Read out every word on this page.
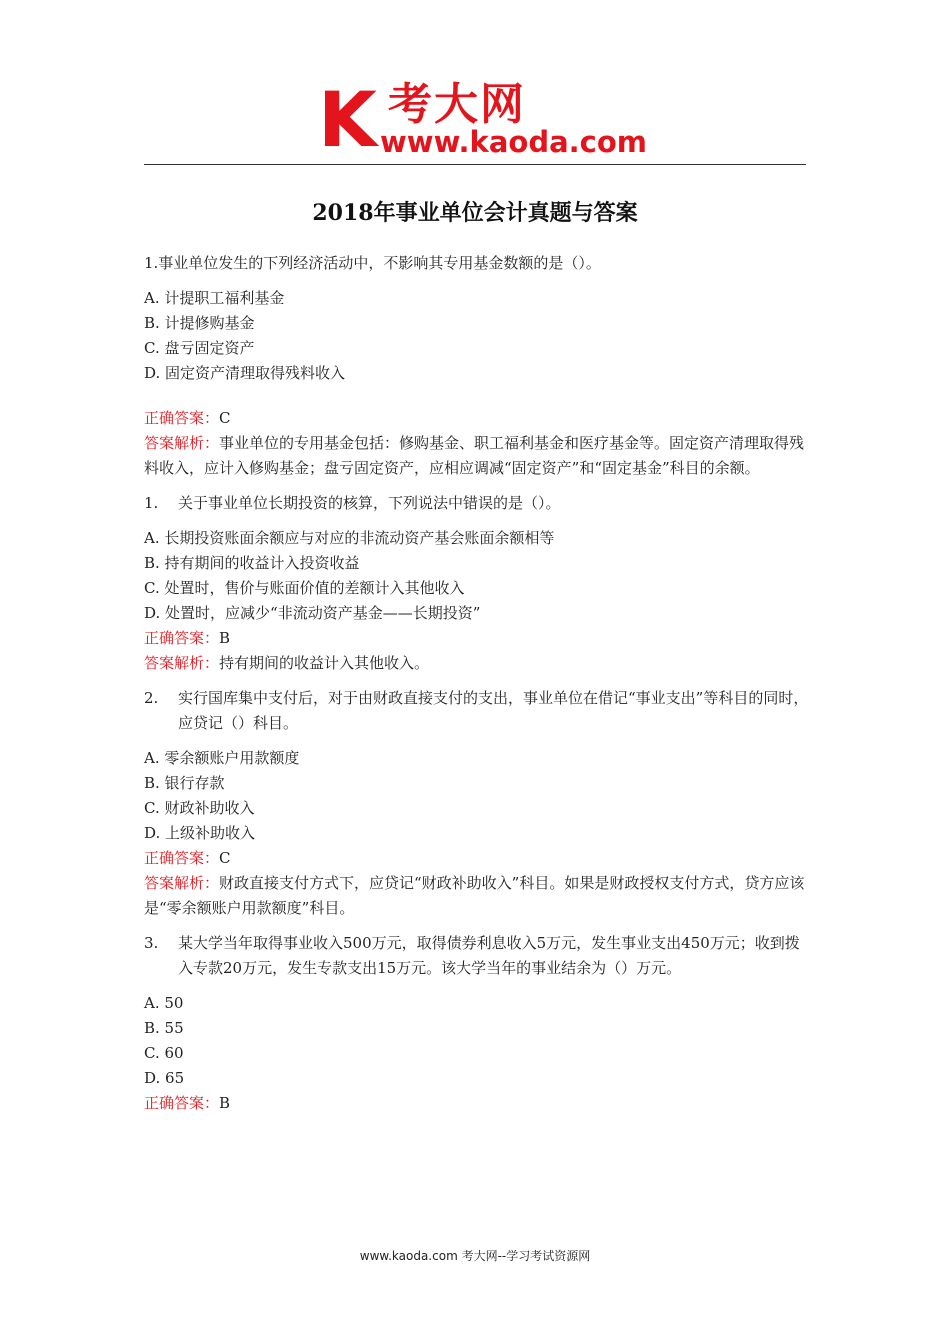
K 考大网
www.kaoda.com
2018年事业单位会计真题与答案

1.事业单位发生的下列经济活动中，不影响其专用基金数额的是（）。

A. 计提职工福利基金

B. 计提修购基金

C. 盘亏固定资产

D. 固定资产清理取得残料收入

正确答案：C

答案解析：事业单位的专用基金包括：修购基金、职工福利基金和医疗基金等。固定资产清理取得残料收入，应计入修购基金；盘亏固定资产，应相应调减“固定资产”和“固定基金”科目的余额。

1. 关于事业单位长期投资的核算，下列说法中错误的是（）。

A. 长期投资账面余额应与对应的非流动资产基会账面余额相等

B. 持有期间的收益计入投资收益

C. 处置时，售价与账面价值的差额计入其他收入

D. 处置时，应减少“非流动资产基金——长期投资”

正确答案：B

答案解析：持有期间的收益计入其他收入。

2. 实行国库集中支付后，对于由财政直接支付的支出，事业单位在借记“事业支出”等科目的同时，应贷记（）科目。

A. 零余额账户用款额度

B. 银行存款

C. 财政补助收入

D. 上级补助收入

正确答案：C

答案解析：财政直接支付方式下，应贷记“财政补助收入”科目。如果是财政授权支付方式，贷方应该是“零余额账户用款额度”科目。

3. 某大学当年取得事业收入500万元，取得债券利息收入5万元，发生事业支出450万元；收到拨入专款20万元，发生专款支出15万元。该大学当年的事业结余为（）万元。

A. 50

B. 55

C. 60

D. 65

正确答案：B

www.kaoda.com 考大网--学习考试资源网
